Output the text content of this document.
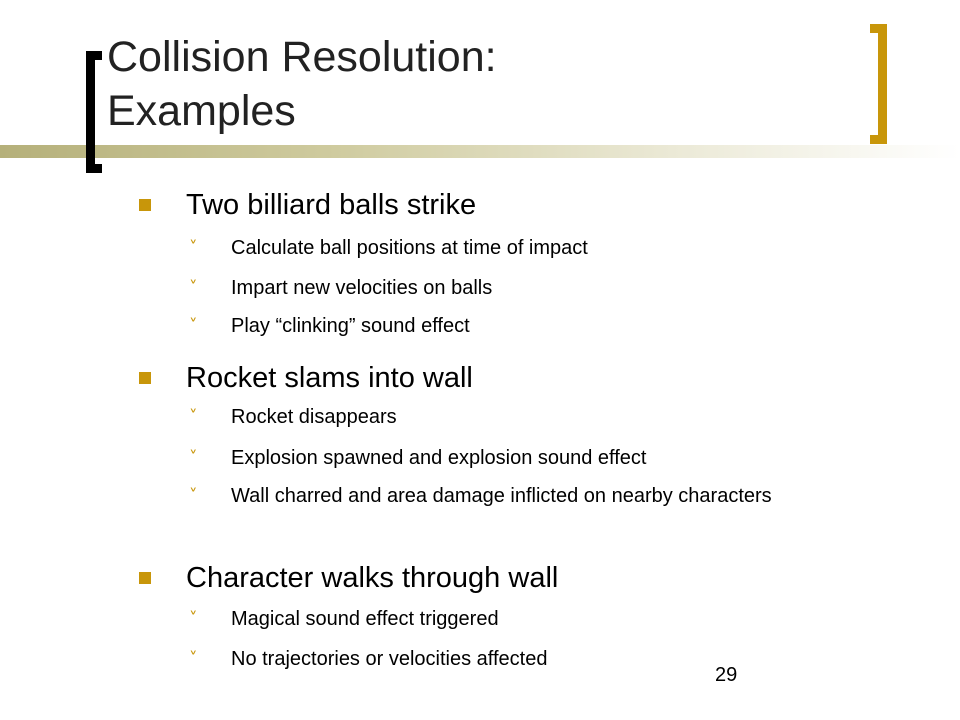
Collision Resolution:
Examples
Two billiard balls strike
˅ Calculate ball positions at time of impact
˅ Impart new velocities on balls
˅ Play “clinking” sound effect
Rocket slams into wall
˅ Rocket disappears
˅ Explosion spawned and explosion sound effect
˅ Wall charred and area damage inflicted on nearby characters
Character walks through wall
˅ Magical sound effect triggered
˅ No trajectories or velocities affected
29
